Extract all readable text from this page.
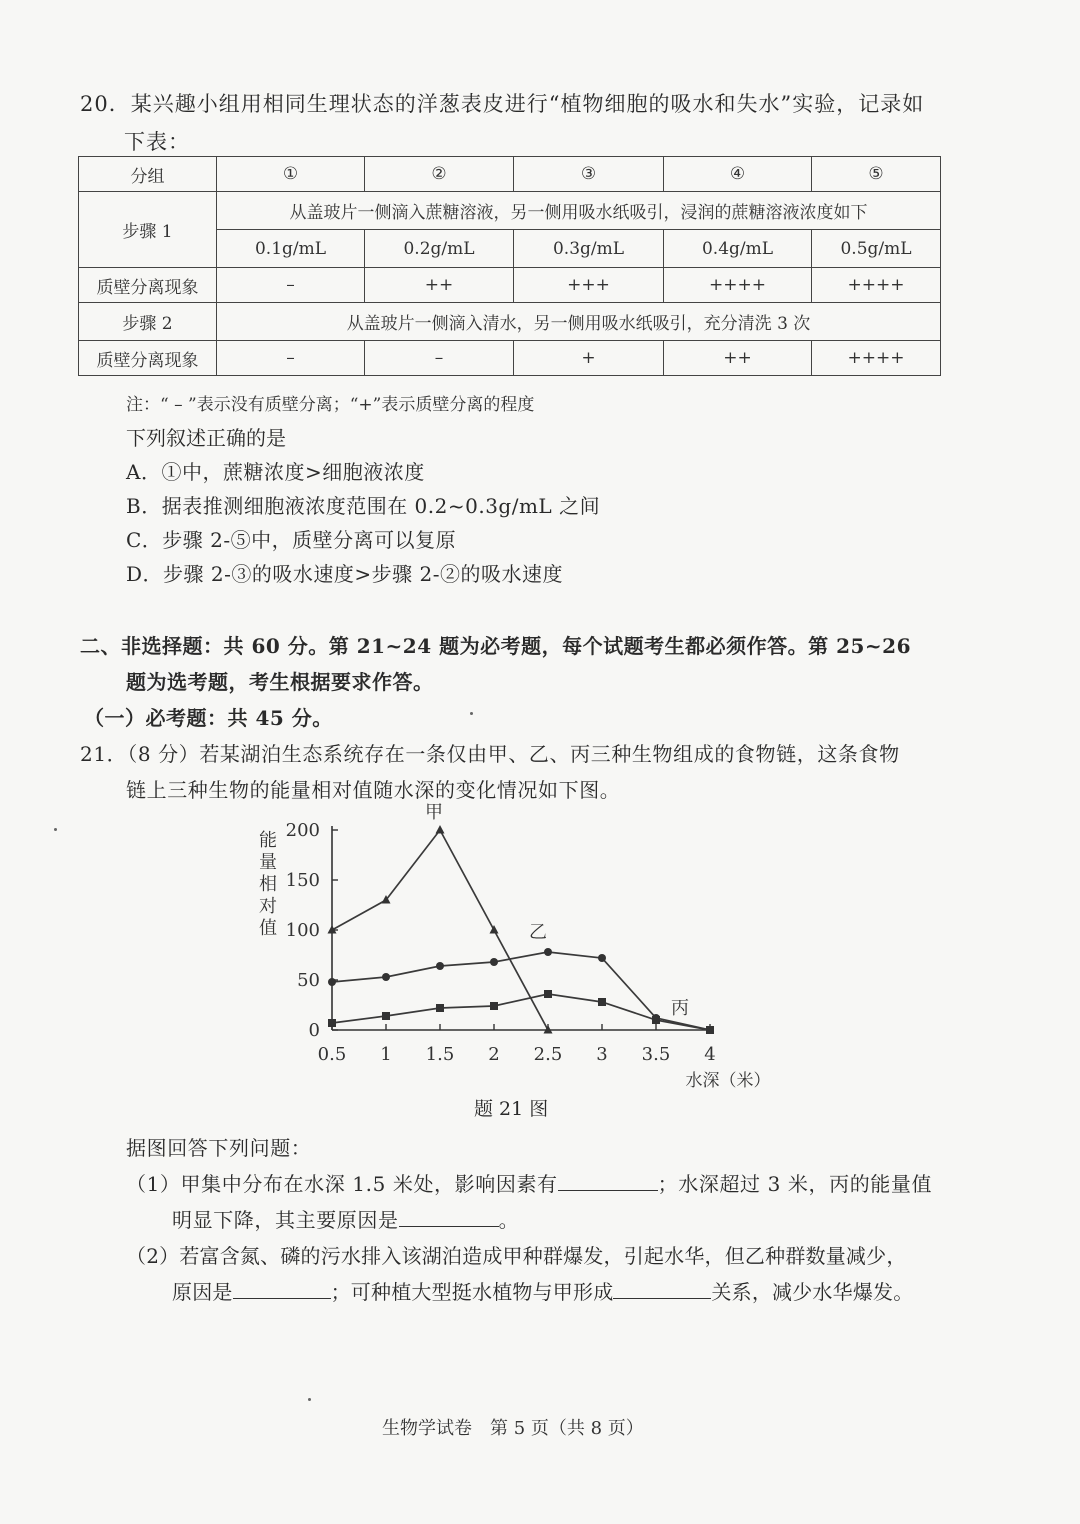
20．某兴趣小组用相同生理状态的洋葱表皮进行“植物细胞的吸水和失水”实验，记录如
下表：
分组	①	②	③	④	⑤
步骤 1	从盖玻片一侧滴入蔗糖溶液，另一侧用吸水纸吸引，浸润的蔗糖溶液浓度如下				
	0.1g/mL	0.2g/mL	0.3g/mL	0.4g/mL	0.5g/mL
质壁分离现象	–	++	+++	++++	++++
步骤 2	从盖玻片一侧滴入清水，另一侧用吸水纸吸引，充分清洗 3 次				
质壁分离现象	–	–	+	++	++++
注：“ – ”表示没有质壁分离；“+”表示质壁分离的程度
下列叙述正确的是
A．①中，蔗糖浓度>细胞液浓度
B．据表推测细胞液浓度范围在 0.2~0.3g/mL 之间
C．步骤 2-⑤中，质壁分离可以复原
D．步骤 2-③的吸水速度>步骤 2-②的吸水速度
二、非选择题：共 60 分。第 21~24 题为必考题，每个试题考生都必须作答。第 25~26
题为选考题，考生根据要求作答。
（一）必考题：共 45 分。
21．（8 分）若某湖泊生态系统存在一条仅由甲、乙、丙三种生物组成的食物链，这条食物
链上三种生物的能量相对值随水深的变化情况如下图。
200
150
100
50
0
0.5 1 1.5 2 2.5 3 3.5 4
能量相对值
水深（米）
甲
乙
丙
题 21 图
据图回答下列问题：
（1）甲集中分布在水深 1.5 米处，影响因素有	；水深超过 3 米，丙的能量值
明显下降，其主要原因是	。
（2）若富含氮、磷的污水排入该湖泊造成甲种群爆发，引起水华，但乙种群数量减少，
原因是	；可种植大型挺水植物与甲形成	关系，减少水华爆发。
生物学试卷　第 5 页（共 8 页）
